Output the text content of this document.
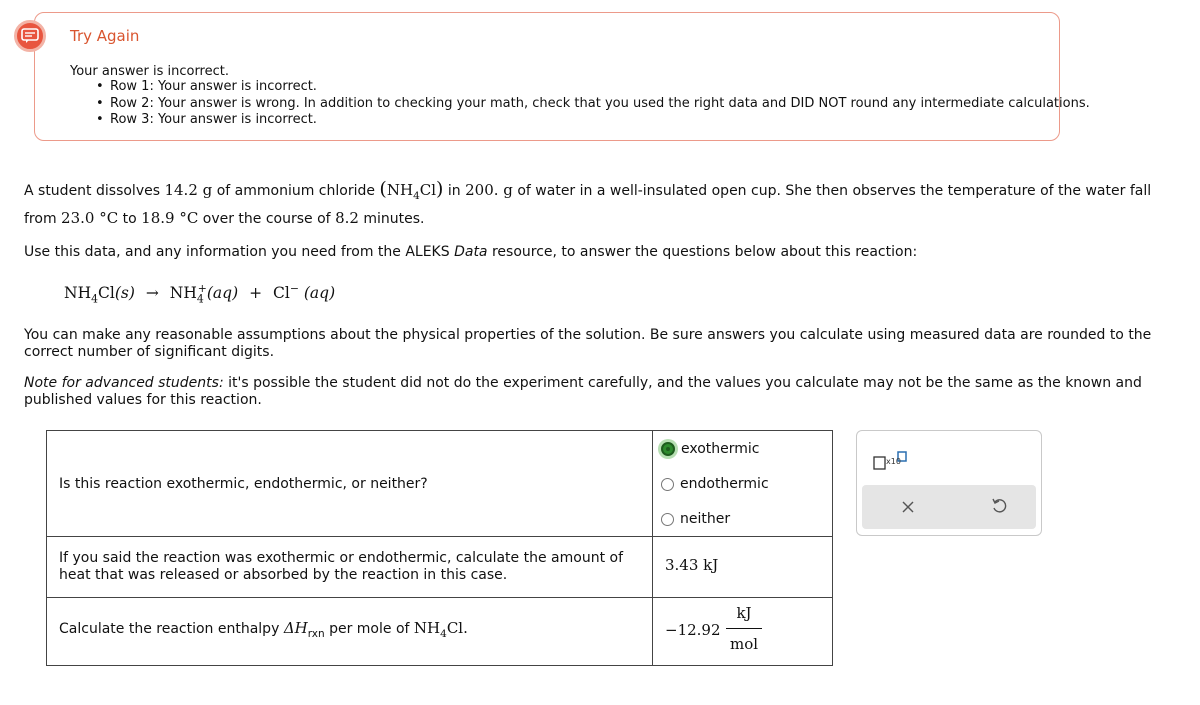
Try Again
Your answer is incorrect.
• Row 1: Your answer is incorrect.
• Row 2: Your answer is wrong. In addition to checking your math, check that you used the right data and DID NOT round any intermediate calculations.
• Row 3: Your answer is incorrect.
A student dissolves 14.2 g of ammonium chloride $(NH_4Cl)$ in 200. g of water in a well-insulated open cup. She then observes the temperature of the water fall
from 23.0 °C to 18.9 °C over the course of 8.2 minutes.
Use this data, and any information you need from the ALEKS Data resource, to answer the questions below about this reaction:
$NH_4Cl(s) \to NH_4^+(aq) + Cl^-$ (aq)
You can make any reasonable assumptions about the physical properties of the solution. Be sure answers you calculate using measured data are rounded to the correct number of significant digits.
Note for advanced students: it's possible the student did not do the experiment carefully, and the values you calculate may not be the same as the known and published values for this reaction.
Is this reaction exothermic, endothermic, or neither?
exothermic
endothermic
neither
If you said the reaction was exothermic or endothermic, calculate the amount of
heat that was released or absorbed by the reaction in this case.
3.43 kJ
Calculate the reaction enthalpy $\Delta H_{rxn}$ per mole of $NH_4Cl$.	−12.92
kJ
mol
x10
